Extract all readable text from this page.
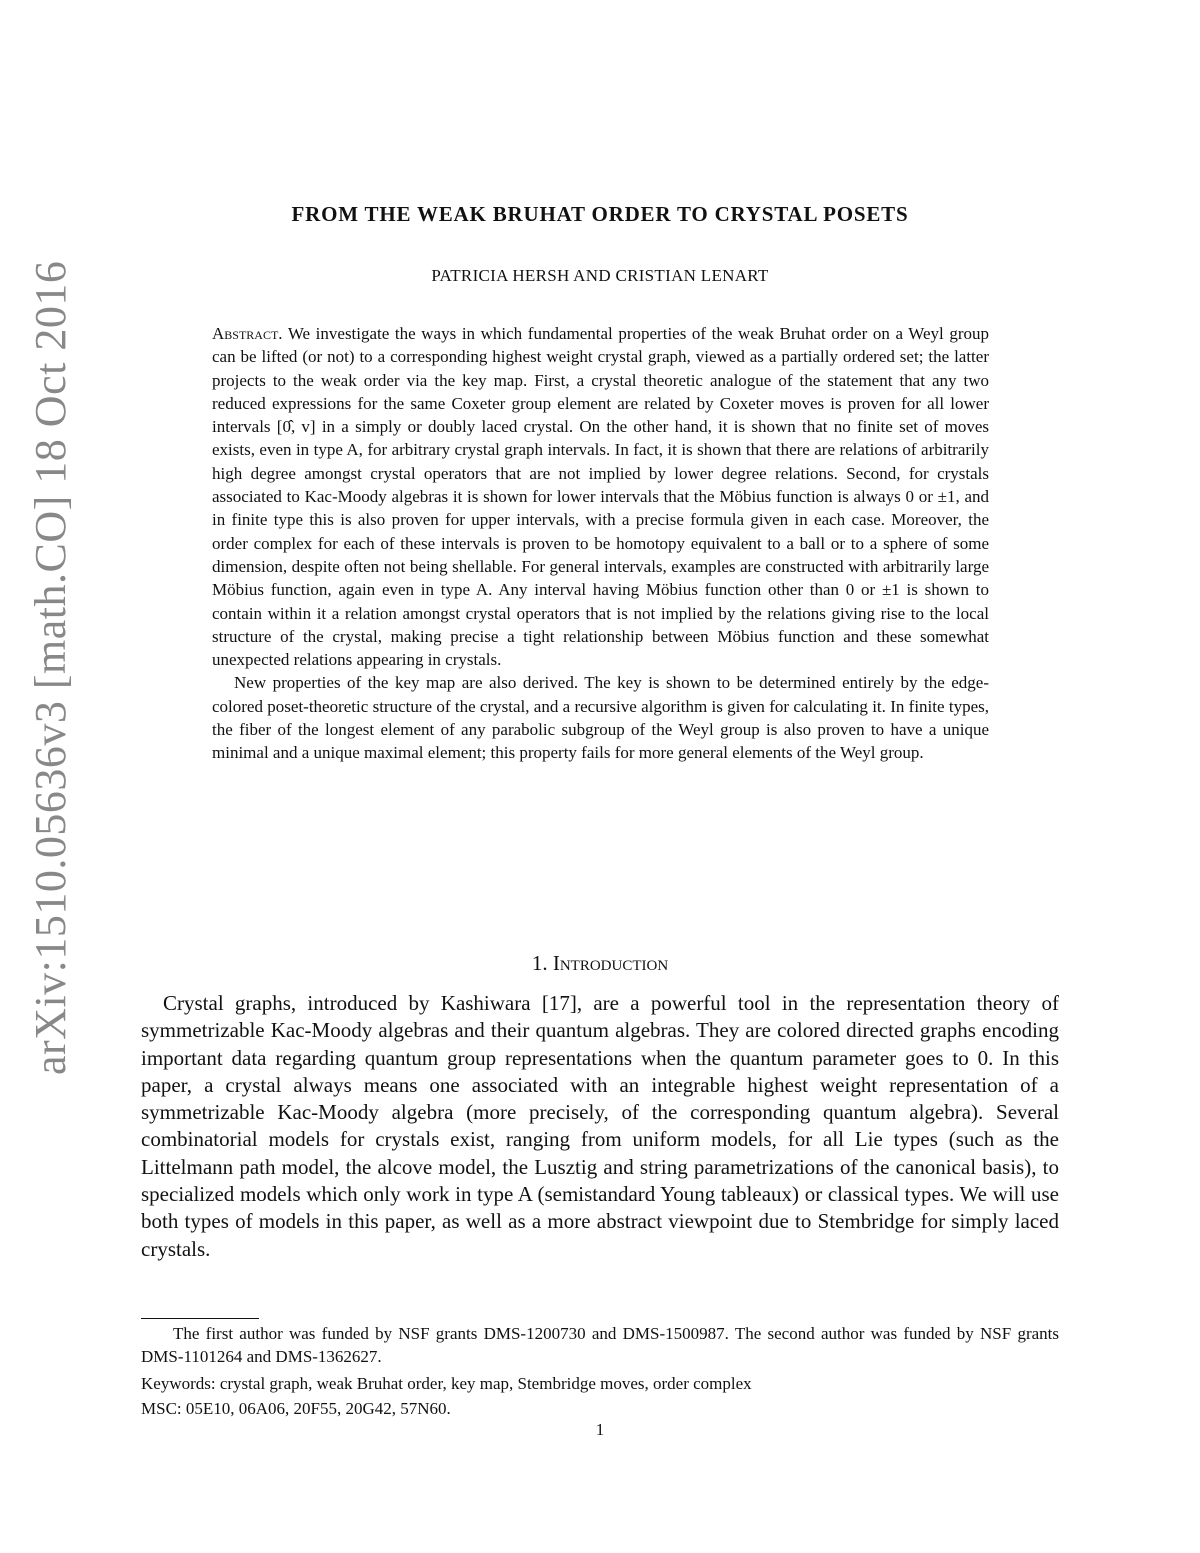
arXiv:1510.05636v3 [math.CO] 18 Oct 2016
FROM THE WEAK BRUHAT ORDER TO CRYSTAL POSETS
PATRICIA HERSH AND CRISTIAN LENART

Abstract. We investigate the ways in which fundamental properties of the weak Bruhat order on a Weyl group can be lifted (or not) to a corresponding highest weight crystal graph, viewed as a partially ordered set; the latter projects to the weak order via the key map. First, a crystal theoretic analogue of the statement that any two reduced expressions for the same Coxeter group element are related by Coxeter moves is proven for all lower intervals [0̂, v] in a simply or doubly laced crystal. On the other hand, it is shown that no finite set of moves exists, even in type A, for arbitrary crystal graph intervals. In fact, it is shown that there are relations of arbitrarily high degree amongst crystal operators that are not implied by lower degree relations. Second, for crystals associated to Kac-Moody algebras it is shown for lower intervals that the Möbius function is always 0 or ±1, and in finite type this is also proven for upper intervals, with a precise formula given in each case. Moreover, the order complex for each of these intervals is proven to be homotopy equivalent to a ball or to a sphere of some dimension, despite often not being shellable. For general intervals, examples are constructed with arbitrarily large Möbius function, again even in type A. Any interval having Möbius function other than 0 or ±1 is shown to contain within it a relation amongst crystal operators that is not implied by the relations giving rise to the local structure of the crystal, making precise a tight relationship between Möbius function and these somewhat unexpected relations appearing in crystals.

New properties of the key map are also derived. The key is shown to be determined entirely by the edge-colored poset-theoretic structure of the crystal, and a recursive algorithm is given for calculating it. In finite types, the fiber of the longest element of any parabolic subgroup of the Weyl group is also proven to have a unique minimal and a unique maximal element; this property fails for more general elements of the Weyl group.

1. Introduction

Crystal graphs, introduced by Kashiwara [17], are a powerful tool in the representation theory of symmetrizable Kac-Moody algebras and their quantum algebras. They are colored directed graphs encoding important data regarding quantum group representations when the quantum parameter goes to 0. In this paper, a crystal always means one associated with an integrable highest weight representation of a symmetrizable Kac-Moody algebra (more precisely, of the corresponding quantum algebra). Several combinatorial models for crystals exist, ranging from uniform models, for all Lie types (such as the Littelmann path model, the alcove model, the Lusztig and string parametrizations of the canonical basis), to specialized models which only work in type A (semistandard Young tableaux) or classical types. We will use both types of models in this paper, as well as a more abstract viewpoint due to Stembridge for simply laced crystals.

The first author was funded by NSF grants DMS-1200730 and DMS-1500987. The second author was funded by NSF grants DMS-1101264 and DMS-1362627.

Keywords: crystal graph, weak Bruhat order, key map, Stembridge moves, order complex

MSC: 05E10, 06A06, 20F55, 20G42, 57N60.

1
